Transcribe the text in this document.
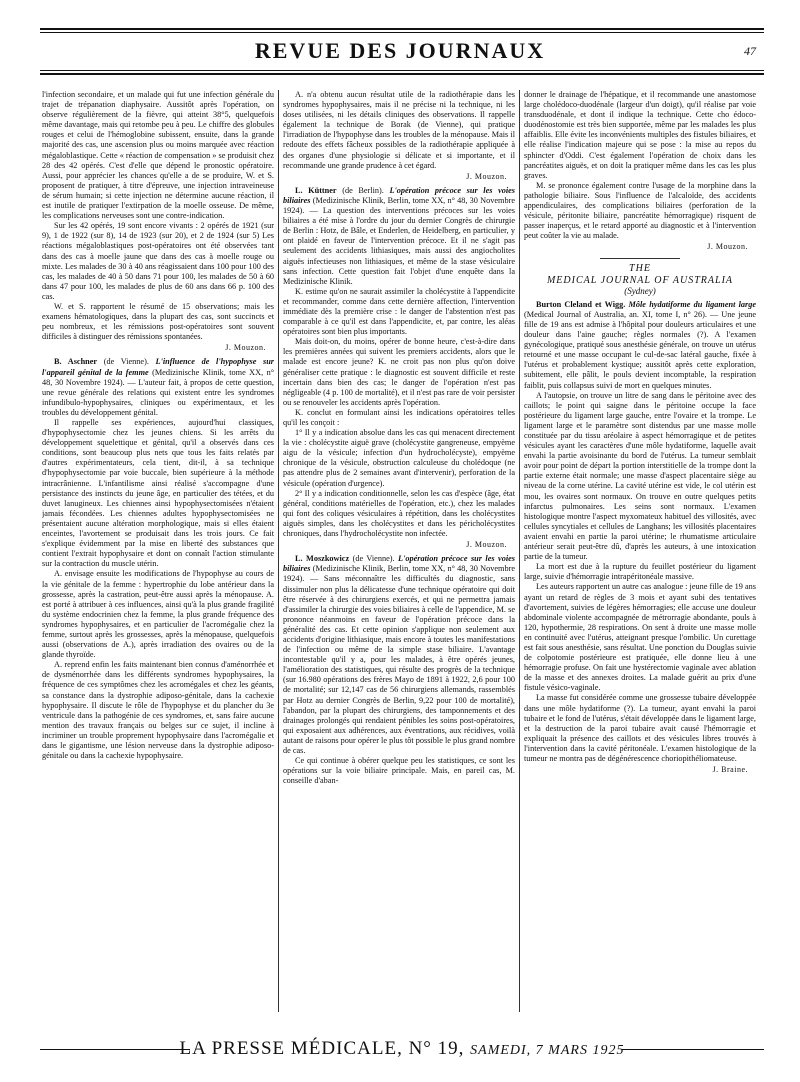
REVUE DES JOURNAUX	47

l'infection secondaire, et un malade qui fut une infection générale du trajet de trépanation diaphysaire. Aussitôt après l'opération, on observe régulièrement de la fièvre, qui atteint 38°5, quelquefois même davantage, mais qui retombe peu à peu. Le chiffre des globules rouges et celui de l'hémoglobine subissent, ensuite, dans la grande majorité des cas, une ascension plus ou moins marquée avec réaction mégaloblastique. Cette « réaction de compensation » se produisit chez 28 des 42 opérés. C'est d'elle que dépend le pronostic opératoire. Aussi, pour apprécier les chances qu'elle a de se produire, W. et S. proposent de pratiquer, à titre d'épreuve, une injection intraveineuse de sérum humain; si cette injection ne détermine aucune réaction, il est inutile de pratiquer l'extirpation de la moelle osseuse. De même, les complications nerveuses sont une contre-indication.

Sur les 42 opérés, 19 sont encore vivants : 2 opérés de 1921 (sur 9), 1 de 1922 (sur 8), 14 de 1923 (sur 20), et 2 de 1924 (sur 5) Les réactions mégaloblastiques post-opératoires ont été observées tant dans des cas à moelle jaune que dans des cas à moelle rouge ou mixte. Les malades de 30 à 40 ans réagissaient dans 100 pour 100 des cas, les malades de 40 à 50 dans 71 pour 100, les malades de 50 à 60 dans 47 pour 100, les malades de plus de 60 ans dans 66 p. 100 des cas.

W. et S. rapportent le résumé de 15 observations; mais les examens hématologiques, dans la plupart des cas, sont succincts et peu nombreux, et les rémissions post-opératoires sont souvent difficiles à distinguer des rémissions spontanées.

J. Mouzon.

B. Aschner (de Vienne). L'influence de l'hypophyse sur l'appareil génital de la femme (Medizinische Klinik, tome XX, n° 48, 30 Novembre 1924). — L'auteur fait, à propos de cette question, une revue générale des relations qui existent entre les syndromes infundibulo-hypophysaires, cliniques ou expérimentaux, et les troubles du développement génital.

Il rappelle ses expériences, aujourd'hui classiques, d'hypophysectomie chez les jeunes chiens. Si les arrêts du développement squelettique et génital, qu'il a observés dans ces conditions, sont beaucoup plus nets que tous les faits relatés par d'autres expérimentateurs, cela tient, dit-il, à sa technique d'hypophysectomie par voie buccale, bien supérieure à la méthode intracrânienne. L'infantilisme ainsi réalisé s'accompagne d'une persistance des instincts du jeune âge, en particulier des tétées, et du duvet lanugineux. Les chiennes ainsi hypophysectomisées n'étaient jamais fécondées. Les chiennes adultes hypophysectomisées ne présentaient aucune altération morphologique, mais si elles étaient enceintes, l'avortement se produisait dans les trois jours. Ce fait s'explique évidemment par la mise en liberté des substances que contient l'extrait hypophysaire et dont on connaît l'action stimulante sur la contraction du muscle utérin.

A. envisage ensuite les modifications de l'hypophyse au cours de la vie génitale de la femme : hypertrophie du lobe antérieur dans la grossesse, après la castration, peut-être aussi après la ménopause. A. est porté à attribuer à ces influences, ainsi qu'à la plus grande fragilité du système endocrinien chez la femme, la plus grande fréquence des syndromes hypophysaires, et en particulier de l'acromégalie chez la femme, surtout après les grossesses, après la ménopause, quelquefois aussi (observations de A.), après irradiation des ovaires ou de la glande thyroïde.

A. reprend enfin les faits maintenant bien connus d'aménorrhée et de dysménorrhée dans les différents syndromes hypophysaires, la fréquence de ces symptômes chez les acromégales et chez les géants, sa constance dans la dystrophie adiposo-génitale, dans la cachexie hypophysaire. Il discute le rôle de l'hypophyse et du plancher du 3e ventricule dans la pathogénie de ces syndromes, et, sans faire aucune mention des travaux français ou belges sur ce sujet, il incline à incriminer un trouble proprement hypophysaire dans l'acromégalie et dans le gigantisme, une lésion nerveuse dans la dystrophie adiposo-génitale ou dans la cachexie hypophysaire.

A. n'a obtenu aucun résultat utile de la radiothérapie dans les syndromes hypophysaires, mais il ne précise ni la technique, ni les doses utilisées, ni les détails cliniques des observations. Il rappelle également la technique de Borak (de Vienne), qui pratique l'irradiation de l'hypophyse dans les troubles de la ménopause. Mais il redoute des effets fâcheux possibles de la radiothérapie appliquée à des organes d'une physiologie si délicate et si importante, et il recommande une grande prudence à cet égard.

J. Mouzon.

L. Küttner (de Berlin). L'opération précoce sur les voies biliaires (Medizinische Klinik, Berlin, tome XX, n° 48, 30 Novembre 1924). — La question des interventions précoces sur les voies biliaires a été mise à l'ordre du jour du dernier Congrès de chirurgie de Berlin : Hotz, de Bâle, et Enderlen, de Heidelberg, en particulier, y ont plaidé en faveur de l'intervention précoce. Et il ne s'agit pas seulement des accidents lithiasiques, mais aussi des angiocholites aiguës infectieuses non lithiasiques, et même de la stase vésiculaire sans infection. Cette question fait l'objet d'une enquête dans la Medizinische Klinik.

K. estime qu'on ne saurait assimiler la cholécystite à l'appendicite et recommander, comme dans cette dernière affection, l'intervention immédiate dès la première crise : le danger de l'abstention n'est pas comparable à ce qu'il est dans l'appendicite, et, par contre, les aléas opératoires sont bien plus importants.

Mais doit-on, du moins, opérer de bonne heure, c'est-à-dire dans les premières années qui suivent les premiers accidents, alors que le malade est encore jeune? K. ne croit pas non plus qu'on doive généraliser cette pratique : le diagnostic est souvent difficile et reste incertain dans bien des cas; le danger de l'opération n'est pas négligeable (4 p. 100 de mortalité), et il n'est pas rare de voir persister ou se renouveler les accidents après l'opération.

K. conclut en formulant ainsi les indications opératoires telles qu'il les conçoit :

1° Il y a indication absolue dans les cas qui menacent directement la vie : cholécystite aiguë grave (cholécystite gangreneuse, empyème aigu de la vésicule; infection d'un hydrocholécyste), empyème chronique de la vésicule, obstruction calculeuse du cholédoque (ne pas attendre plus de 2 semaines avant d'intervenir), perforation de la vésicule (opération d'urgence).

2° Il y a indication conditionnelle, selon les cas d'espèce (âge, état général, conditions matérielles de l'opération, etc.), chez les malades qui font des coliques vésiculaires à répétition, dans les cholécystites aiguës simples, dans les cholécystites et dans les péricholécystites chroniques, dans l'hydrocholécystite non infectée.

J. Mouzon.

L. Moszkowicz (de Vienne). L'opération précoce sur les voies biliaires (Medizinische Klinik, Berlin, tome XX, n° 48, 30 Novembre 1924). — Sans méconnaître les difficultés du diagnostic, sans dissimuler non plus la délicatesse d'une technique opératoire qui doit être réservée à des chirurgiens exercés, et qui ne permettra jamais d'assimiler la chirurgie des voies biliaires à celle de l'appendice, M. se prononce néanmoins en faveur de l'opération précoce dans la généralité des cas. Et cette opinion s'applique non seulement aux accidents d'origine lithiasique, mais encore à toutes les manifestations de l'infection ou même de la simple stase biliaire. L'avantage incontestable qu'il y a, pour les malades, à être opérés jeunes, l'amélioration des statistiques, qui résulte des progrès de la technique (sur 16.980 opérations des frères Mayo de 1891 à 1922, 2,6 pour 100 de mortalité; sur 12,147 cas de 56 chirurgiens allemands, rassemblés par Hotz au dernier Congrès de Berlin, 9,22 pour 100 de mortalité), l'abandon, par la plupart des chirurgiens, des tamponnements et des drainages prolongés qui rendaient pénibles les soins post-opératoires, qui exposaient aux adhérences, aux éventrations, aux récidives, voilà autant de raisons pour opérer le plus tôt possible le plus grand nombre de cas.

Ce qui continue à obérer quelque peu les statistiques, ce sont les opérations sur la voie biliaire principale. Mais, en pareil cas, M. conseille d'aban-

donner le drainage de l'hépatique, et il recommande une anastomose large cholédoco-duodénale (largeur d'un doigt), qu'il réalise par voie transduodénale, et dont il indique la technique. Cette cho édoco-duodénostomie est très bien supportée, même par les malades les plus affaiblis. Elle évite les inconvénients multiples des fistules biliaires, et elle réalise l'indication majeure qui se pose : la mise au repos du sphincter d'Oddi. C'est également l'opération de choix dans les pancréatites aiguës, et on doit la pratiquer même dans les cas les plus graves.

M. se prononce également contre l'usage de la morphine dans la pathologie biliaire. Sous l'influence de l'alcaloïde, des accidents appendiculaires, des complications biliaires (perforation de la vésicule, péritonite biliaire, pancréatite hémorragique) risquent de passer inaperçus, et le retard apporté au diagnostic et à l'intervention peut coûter la vie au malade.

J. Mouzon.

THE

MEDICAL JOURNAL OF AUSTRALIA

(Sydney)

Burton Cleland et Wigg. Môle hydatiforme du ligament large (Medical Journal of Australia, an. XI, tome I, n° 26). — Une jeune fille de 19 ans est admise à l'hôpital pour douleurs articulaires et une douleur dans l'aine gauche; règles normales (?). A l'examen gynécologique, pratiqué sous anesthésie générale, on trouve un utérus retourné et une masse occupant le cul-de-sac latéral gauche, fixée à l'utérus et probablement kystique; aussitôt après cette exploration, subitement, elle pâlit, le pouls devient incomptable, la respiration faiblit, puis collapsus suivi de mort en quelques minutes.

A l'autopsie, on trouve un litre de sang dans le péritoine avec des caillots; le point qui saigne dans le péritoine occupe la face postérieure du ligament large gauche, entre l'ovaire et la trompe. Le ligament large et le paramètre sont distendus par une masse molle constituée par du tissu aréolaire à aspect hémorragique et de petites vésicules ayant les caractères d'une môle hydatiforme, laquelle avait envahi la partie avoisinante du bord de l'utérus. La tumeur semblait avoir pour point de départ la portion interstitielle de la trompe dont la partie externe était normale; une masse d'aspect placentaire siège au niveau de la corne utérine. La cavité utérine est vide, le col utérin est mou, les ovaires sont normaux. On trouve en outre quelques petits infarctus pulmonaires. Les seins sont normaux. L'examen histologique montre l'aspect myxomateux habituel des villosités, avec cellules syncytiales et cellules de Langhans; les villosités placentaires avaient envahi en partie la paroi utérine; le rhumatisme articulaire antérieur serait peut-être dû, d'après les auteurs, à une intoxication partie de la tumeur.

La mort est due à la rupture du feuillet postérieur du ligament large, suivie d'hémorragie intrapéritonéale massive.

Les auteurs rapportent un autre cas analogue : jeune fille de 19 ans ayant un retard de règles de 3 mois et ayant subi des tentatives d'avortement, suivies de légères hémorragies; elle accuse une douleur abdominale violente accompagnée de métrorragie abondante, pouls à 120, hypothermie, 28 respirations. On sent à droite une masse molle en continuité avec l'utérus, atteignant presque l'ombilic. Un curettage est fait sous anesthésie, sans résultat. Une ponction du Douglas suivie de colpotomie postérieure est pratiquée, elle donne lieu à une hémorragie profuse. On fait une hystérectomie vaginale avec ablation de la masse et des annexes droites. La malade guérit au prix d'une fistule vésico-vaginale.

La masse fut considérée comme une grossesse tubaire développée dans une môle hydatiforme (?). La tumeur, ayant envahi la paroi tubaire et le fond de l'utérus, s'était développée dans le ligament large, et la destruction de la paroi tubaire avait causé l'hémorragie et expliquait la présence des caillots et des vésicules libres trouvés à l'intervention dans la cavité péritonéale. L'examen histologique de la tumeur ne montra pas de dégénérescence choriopithéliomateuse.

J. Braine.

LA PRESSE MÉDICALE, N° 19, SAMEDI, 7 MARS 1925
